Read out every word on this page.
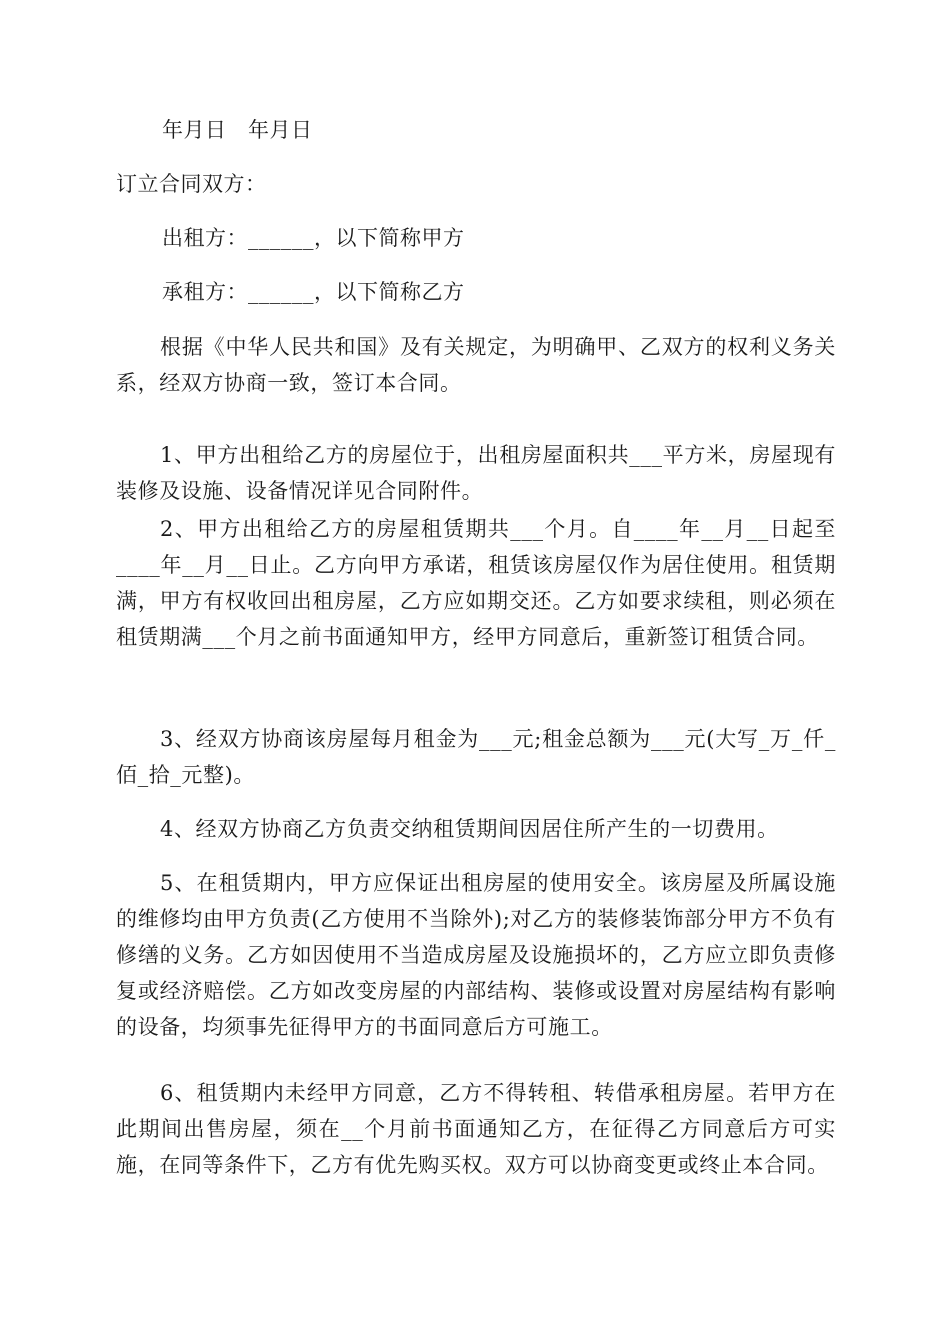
年月日　年月日
订立合同双方：
出租方：______，以下简称甲方
承租方：______，以下简称乙方
根据《中华人民共和国》及有关规定，为明确甲、乙双方的权利义务关系，经双方协商一致，签订本合同。
1、甲方出租给乙方的房屋位于，出租房屋面积共___平方米，房屋现有装修及设施、设备情况详见合同附件。
2、甲方出租给乙方的房屋租赁期共___个月。自____年__月__日起至____年__月__日止。乙方向甲方承诺，租赁该房屋仅作为居住使用。租赁期满，甲方有权收回出租房屋，乙方应如期交还。乙方如要求续租，则必须在租赁期满___个月之前书面通知甲方，经甲方同意后，重新签订租赁合同。
3、经双方协商该房屋每月租金为___元;租金总额为___元(大写_万_仟_佰_拾_元整)。
4、经双方协商乙方负责交纳租赁期间因居住所产生的一切费用。
5、在租赁期内，甲方应保证出租房屋的使用安全。该房屋及所属设施的维修均由甲方负责(乙方使用不当除外);对乙方的装修装饰部分甲方不负有修缮的义务。乙方如因使用不当造成房屋及设施损坏的，乙方应立即负责修复或经济赔偿。乙方如改变房屋的内部结构、装修或设置对房屋结构有影响的设备，均须事先征得甲方的书面同意后方可施工。
6、租赁期内未经甲方同意，乙方不得转租、转借承租房屋。若甲方在此期间出售房屋，须在__个月前书面通知乙方，在征得乙方同意后方可实施，在同等条件下，乙方有优先购买权。双方可以协商变更或终止本合同。
